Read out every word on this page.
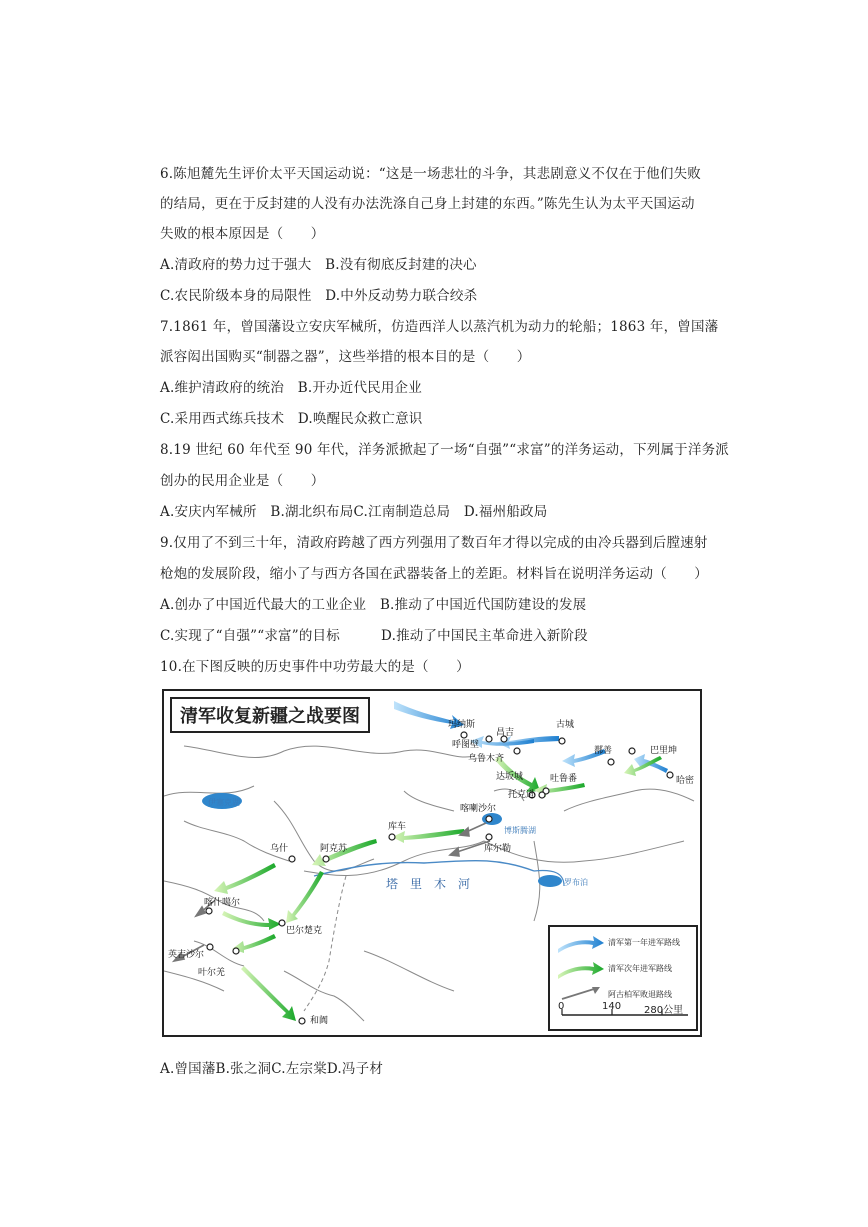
6.陈旭麓先生评价太平天国运动说：“这是一场悲壮的斗争，其悲剧意义不仅在于他们失败
的结局，更在于反封建的人没有办法洗涤自己身上封建的东西。”陈先生认为太平天国运动
失败的根本原因是（　　）
A.清政府的势力过于强大　B.没有彻底反封建的决心
C.农民阶级本身的局限性　D.中外反动势力联合绞杀
7.1861 年，曾国藩设立安庆军械所，仿造西洋人以蒸汽机为动力的轮船；1863 年，曾国藩
派容闳出国购买“制器之器”，这些举措的根本目的是（　　）
A.维护清政府的统治　B.开办近代民用企业
C.采用西式练兵技术　D.唤醒民众救亡意识
8.19 世纪 60 年代至 90 年代，洋务派掀起了一场“自强”“求富”的洋务运动，下列属于洋务派
创办的民用企业是（　　）
A.安庆内军械所　B.湖北织布局C.江南制造总局　D.福州船政局
9.仅用了不到三十年，清政府跨越了西方列强用了数百年才得以完成的由冷兵器到后膛速射
枪炮的发展阶段，缩小了与西方各国在武器装备上的差距。材料旨在说明洋务运动（　　）
A.创办了中国近代最大的工业企业　B.推动了中国近代国防建设的发展
C.实现了“自强”“求富”的目标　　　D.推动了中国民主革命进入新阶段
10.在下图反映的历史事件中功劳最大的是（　　）
清军收复新疆之战要图	玛纳斯
昌吉
呼图壁
古城
乌鲁木齐
鄯善	巴里坤
哈密
达坂城	吐鲁番
托克逊
喀喇沙尔
库车
库尔勒
阿克苏
乌什
喀什噶尔
巴尔楚克
英吉沙尔
叶尔羌
和阗
伊塞克湖
博斯腾湖
罗布泊
塔里木河
清军第一年进军路线
清军次年进军路线
阿古柏军败退路线
0	140 280公里
A.曾国藩B.张之洞C.左宗棠D.冯子材
